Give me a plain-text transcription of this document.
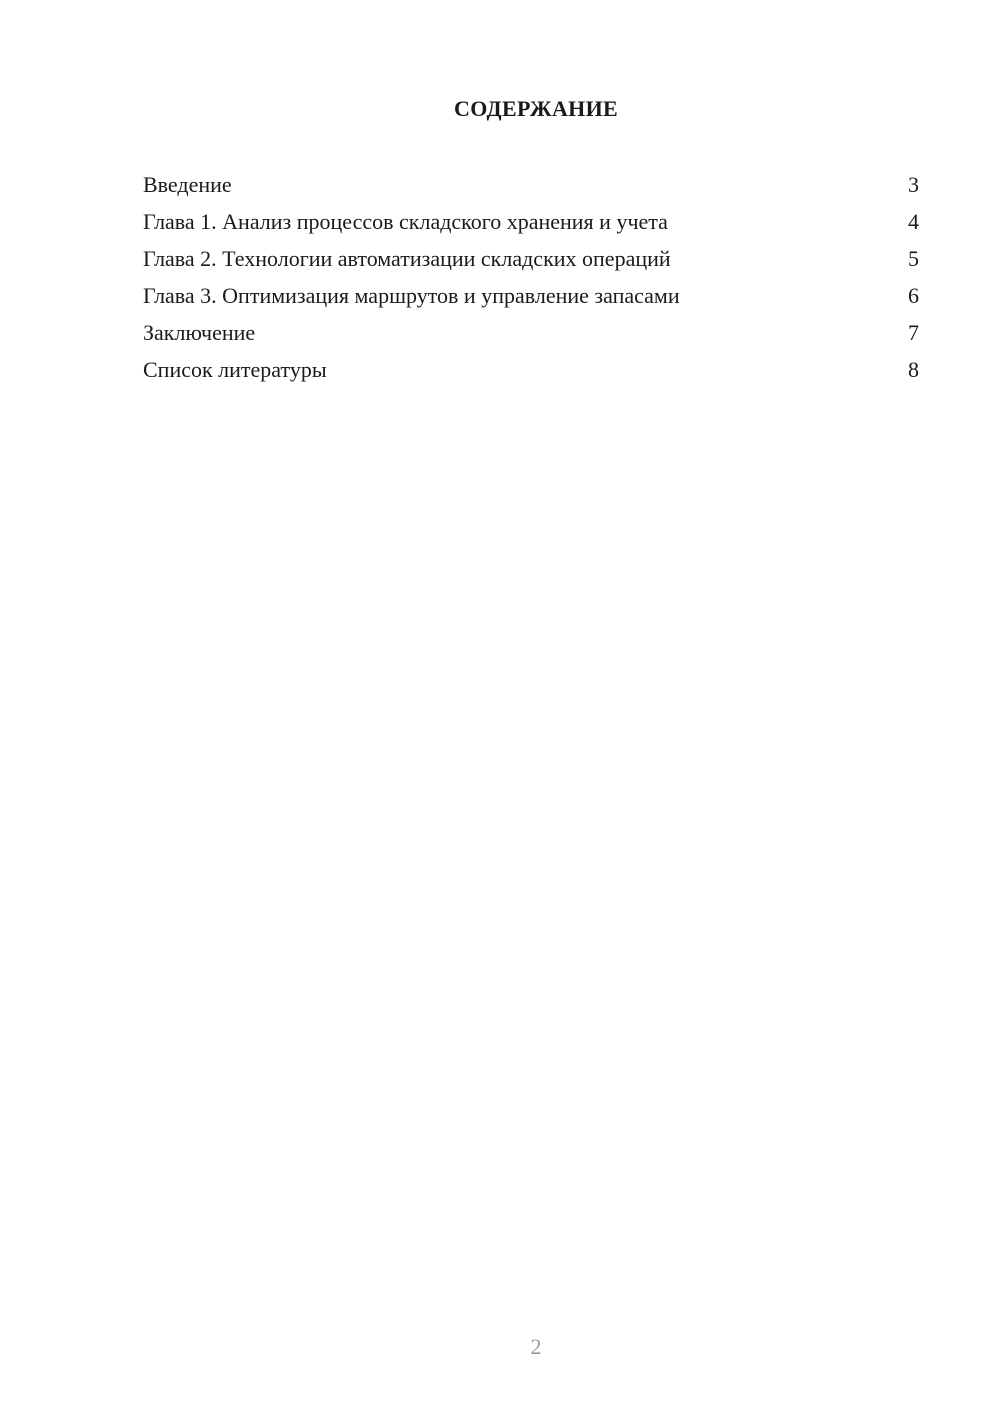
СОДЕРЖАНИЕ
Введение	3
Глава 1. Анализ процессов складского хранения и учета	4
Глава 2. Технологии автоматизации складских операций	5
Глава 3. Оптимизация маршрутов и управление запасами	6
Заключение	7
Список литературы	8
2
